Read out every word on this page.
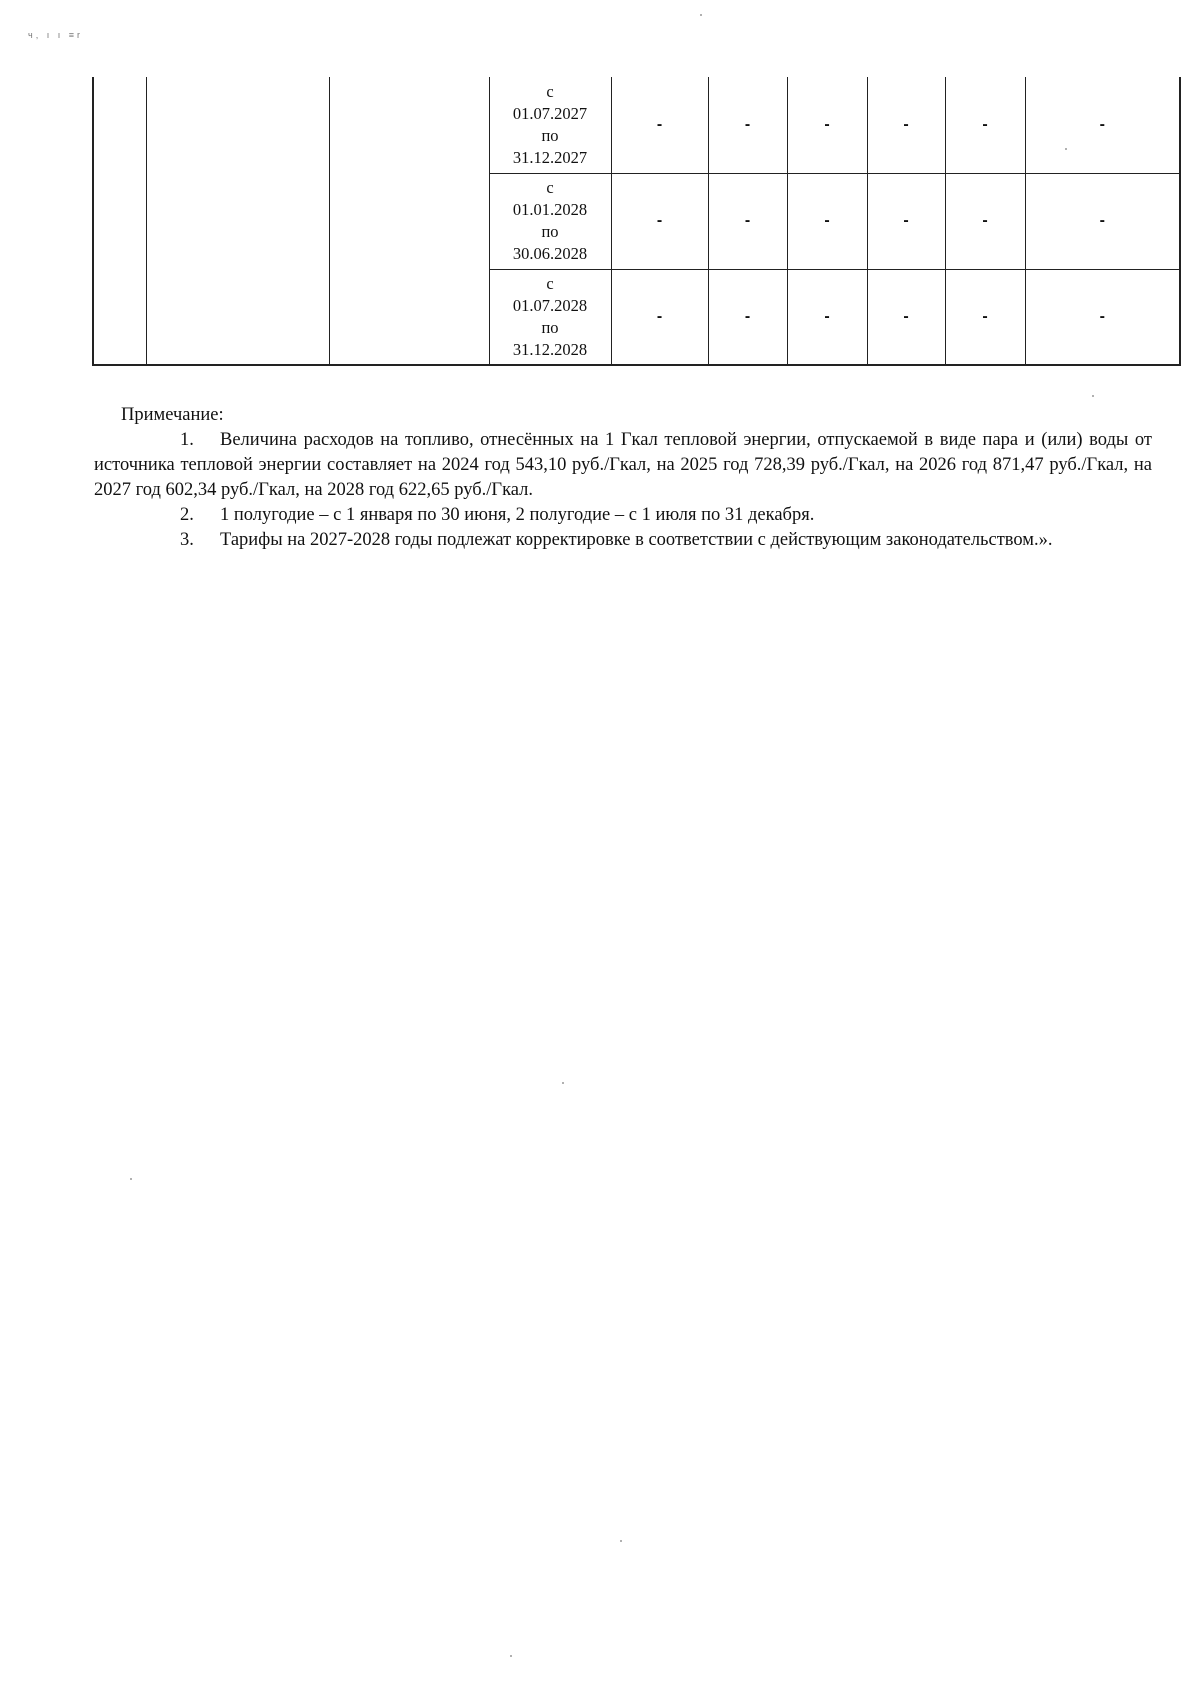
ч, ı ı ≡r

			с
01.07.2027
по
31.12.2027	-	-	-	-	-	-

			с
01.01.2028
по
30.06.2028	-	-	-	-	-	-

			с
01.07.2028
по
31.12.2028	-	-	-	-	-	-
Примечание:
1. Величина расходов на топливо, отнесённых на 1 Гкал тепловой энергии, отпускаемой в виде пара и (или) воды от источника тепловой энергии составляет на 2024 год 543,10 руб./Гкал, на 2025 год 728,39 руб./Гкал, на 2026 год 871,47 руб./Гкал, на 2027 год 602,34 руб./Гкал, на 2028 год 622,65 руб./Гкал.
2. 1 полугодие – с 1 января по 30 июня, 2 полугодие – с 1 июля по 31 декабря.
3. Тарифы на 2027-2028 годы подлежат корректировке в соответствии с действующим законодательством.».
